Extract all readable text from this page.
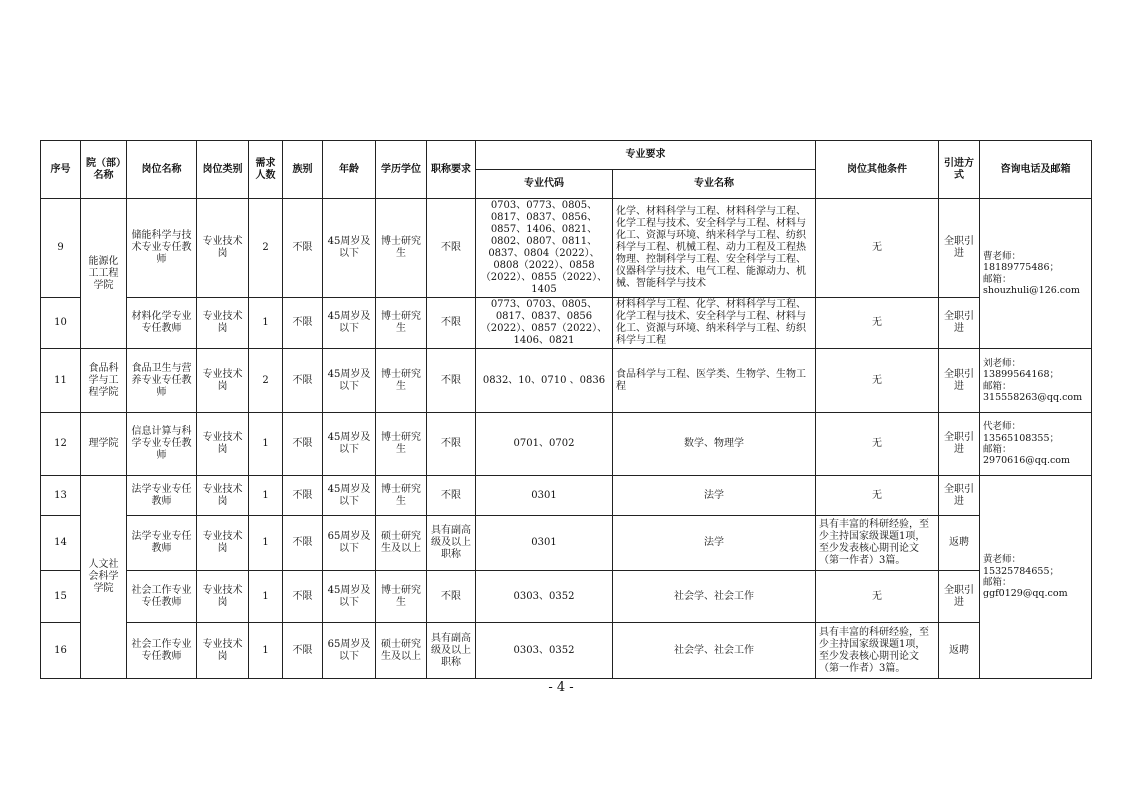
序号	院（部）名称	岗位名称	岗位类别	需求人数	族别	年龄	学历学位	职称要求	专业要求		岗位其他条件	引进方式	咨询电话及邮箱
									专业代码	专业名称			
9	能源化工工程学院	储能科学与技术专业专任教师	专业技术岗	2	不限	45周岁及以下	博士研究生	不限	0703、0773、0805、0817、0837、0856、0857、1406、0821、0802、0807、0811、0837、0804（2022）、0808（2022）、0858（2022）、0855（2022）、1405	化学、材料科学与工程、材料科学与工程、化学工程与技术、安全科学与工程、材料与化工、资源与环境、纳米科学与工程、纺织科学与工程、机械工程、动力工程及工程热物理、控制科学与工程、安全科学与工程、仪器科学与技术、电气工程、能源动力、机械、智能科学与技术	无	全职引进	曹老师：
18189775486；
邮箱：
shouzhuli@126.com

10		材料化学专业专任教师	专业技术岗	1	不限	45周岁及以下	博士研究生	不限	0773、0703、0805、0817、0837、0856（2022）、0857（2022）、1406、0821	材料科学与工程、化学、材料科学与工程、化学工程与技术、安全科学与工程、材料与化工、资源与环境、纳米科学与工程、纺织科学与工程	无	全职引进	
11	食品科学与工程学院	食品卫生与营养专业专任教师	专业技术岗	2	不限	45周岁及以下	博士研究生	不限	0832、10、0710 、0836	食品科学与工程、医学类、生物学、生物工程	无	全职引进	刘老师：
13899564168；
邮箱：
315558263@qq.com

12	理学院	信息计算与科学专业专任教师	专业技术岗	1	不限	45周岁及以下	博士研究生	不限	0701、0702	数学、物理学	无	全职引进	代老师：
13565108355；
邮箱：
2970616@qq.com

13	人文社会科学学院	法学专业专任教师	专业技术岗	1	不限	45周岁及以下	博士研究生	不限	0301	法学	无	全职引进	黄老师：
15325784655；
邮箱：
ggf0129@qq.com

14		法学专业专任教师	专业技术岗	1	不限	65周岁及以下	硕士研究生及以上	具有副高级及以上职称	0301	法学	具有丰富的科研经验，至少主持国家级课题1项，至少发表核心期刊论文（第一作者）3篇。	返聘	
15		社会工作专业专任教师	专业技术岗	1	不限	45周岁及以下	博士研究生	不限	0303、0352	社会学、社会工作	无	全职引进	
16		社会工作专业专任教师	专业技术岗	1	不限	65周岁及以下	硕士研究生及以上	具有副高级及以上职称	0303、0352	社会学、社会工作	具有丰富的科研经验，至少主持国家级课题1项，至少发表核心期刊论文（第一作者）3篇。	返聘	
- 4 -
